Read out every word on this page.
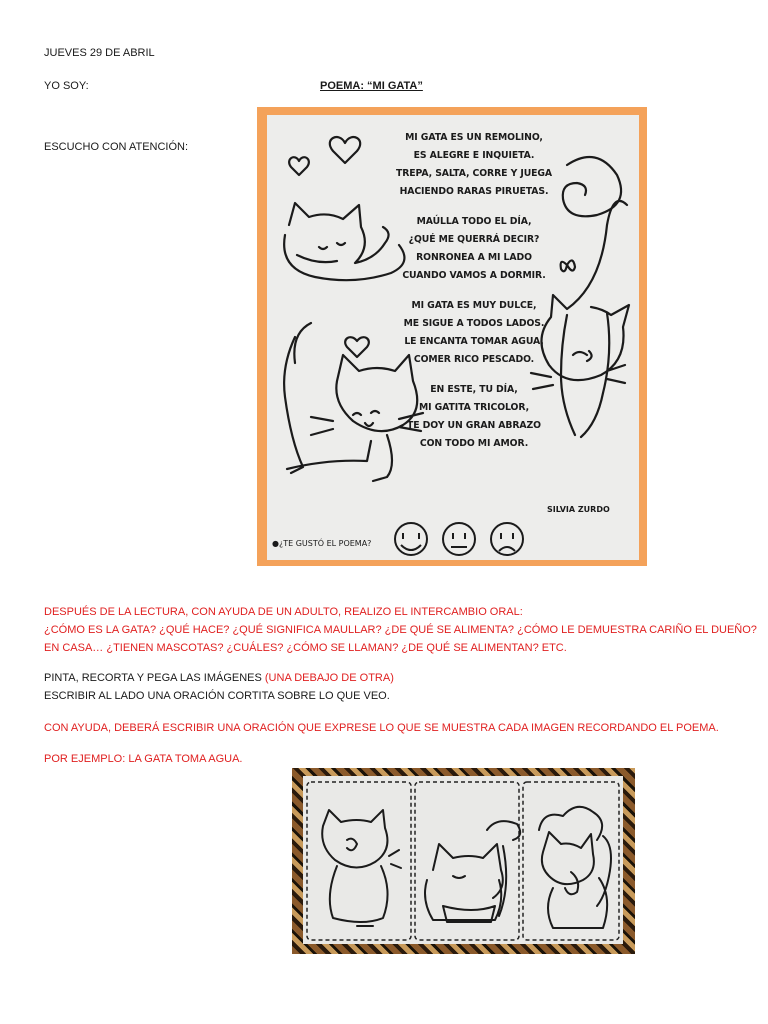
JUEVES 29 DE ABRIL
YO SOY:	POEMA: “MI GATA”
ESCUCHO CON ATENCIÓN:
MI GATA ES UN REMOLINO,
ES ALEGRE E INQUIETA.
TREPA, SALTA, CORRE Y JUEGA
HACIENDO RARAS PIRUETAS.
MAÚLLA TODO EL DÍA,
¿QUÉ ME QUERRÁ DECIR?
RONRONEA A MI LADO
CUANDO VAMOS A DORMIR.
MI GATA ES MUY DULCE,
ME SIGUE A TODOS LADOS.
LE ENCANTA TOMAR AGUA,
COMER RICO PESCADO.
EN ESTE, TU DÍA,
MI GATITA TRICOLOR,
TE DOY UN GRAN ABRAZO
CON TODO MI AMOR.
SILVIA ZURDO
●¿TE GUSTÓ EL POEMA?
DESPUÉS DE LA LECTURA, CON AYUDA DE UN ADULTO, REALIZO EL INTERCAMBIO ORAL:
¿CÓMO ES LA GATA? ¿QUÉ HACE? ¿QUÉ SIGNIFICA MAULLAR? ¿DE QUÉ SE ALIMENTA? ¿CÓMO LE DEMUESTRA CARIÑO EL DUEÑO?
EN CASA… ¿TIENEN MASCOTAS? ¿CUÁLES? ¿CÓMO SE LLAMAN? ¿DE QUÉ SE ALIMENTAN? ETC.
PINTA, RECORTA Y PEGA LAS IMÁGENES (UNA DEBAJO DE OTRA)
ESCRIBIR AL LADO UNA ORACIÓN CORTITA SOBRE LO QUE VEO.
CON AYUDA, DEBERÁ ESCRIBIR UNA ORACIÓN QUE EXPRESE LO QUE SE MUESTRA CADA IMAGEN RECORDANDO EL POEMA.
POR EJEMPLO: LA GATA TOMA AGUA.
